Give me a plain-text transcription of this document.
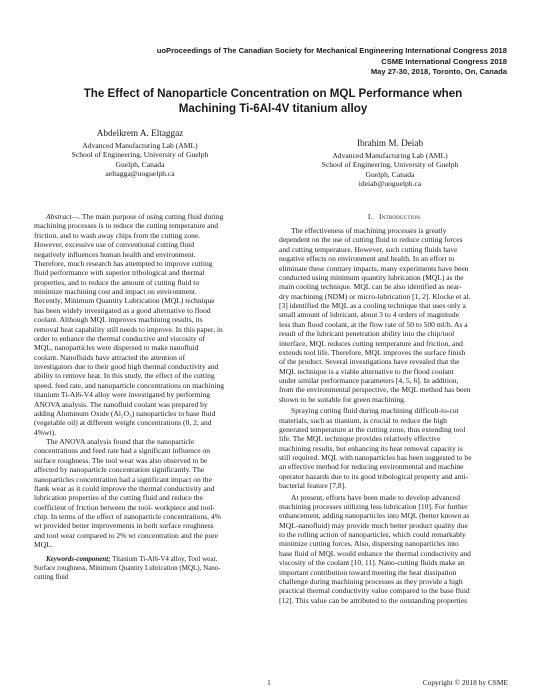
uoProceedings of The Canadian Society for Mechanical Engineering International Congress 2018
CSME International Congress 2018
May 27-30, 2018, Toronto, On, Canada
The Effect of Nanoparticle Concentration on MQL Performance when
Machining Ti-6Al-4V titanium alloy
Abdelkrem A. Eltaggaz
Advanced Manufacturing Lab (AML)
School of Engineering, University of Guelph
Guelph, Canada
aeltagga@uoguelph.ca
Ibrahim M. Deiab
Advanced Manufacturing Lab (AML)
School of Engineering, University of Guelph
Guelph, Canada
ideiab@uoguelph.ca
Abstract—. The main purpose of using cutting fluid during
machining processes is to reduce the cutting temperature and
friction, and to wash away chips from the cutting zone.
However, excessive use of conventional cutting fluid
negatively influences human health and environment.
Therefore, much research has attempted to improve cutting
fluid performance with superior tribological and thermal
properties, and to reduce the amount of cutting fluid to
minimize machining cost and impact on environment.
Recently, Minimum Quantity Lubrication (MQL) technique
has been widely investigated as a good alternative to flood
coolant. Although MQL improves machining results, its
removal heat capability still needs to improve. In this paper, in
order to enhance the thermal conductive and viscosity of
MQL, nanoparticles were dispersed to make nanofluid
coolant. Nanofluids have attracted the attention of
investigators due to their good high thermal conductivity and
ability to remove heat. In this study, the effect of the cutting
speed, feed rate, and nanoparticle concentrations on machining
titanium Ti-Al6-V4 alloy were investigated by performing
ANOVA analysis. The nanofluid coolant was prepared by
adding Aluminum Oxide (Al₂O₃) nanoparticles to base fluid
(vegetable oil) at different weight concentrations (0, 2, and
4%wt).
The ANOVA analysis found that the nanoparticle
concentrations and feed rate had a significant influence on
surface roughness. The tool wear was also observed to be
affected by nanoparticle concentration significantly. The
nanoparticles concentration had a significant impact on the
flank wear as it could improve the thermal conductivity and
lubrication properties of the cutting fluid and reduce the
coefficient of friction between the tool- workpiece and tool-
chip. In terms of the effect of nanoparticle concentrations, 4%
wt provided better improvements in both surface roughness
and tool wear compared to 2% wt concentration and the pure
MQL.
Keywords-component; Titanium Ti-Al6-V4 alloy, Tool wear,
Surface roughness, Minimum Quantity Lubrication (MQL), Nano-
cutting fluid
I. Introduction
The effectiveness of machining processes is greatly
dependent on the use of cutting fluid to reduce cutting forces
and cutting temperature. However, such cutting fluids have
negative effects on environment and health. In an effort to
eliminate these contrary impacts, many experiments have been
conducted using minimum quantity lubrication (MQL) as the
main cooling technique. MQL can be also identified as near-
dry machining (NDM) or micro-lubrication [1, 2]. Klocke et al.
[3] identified the MQL as a cooling technique that uses only a
small amount of lubricant, about 3 to 4 orders of magnitude
less than flood coolant, at the flow rate of 50 to 500 ml/h. As a
result of the lubricant penetration ability into the chip/tool
interface, MQL reduces cutting temperature and friction, and
extends tool life. Therefore, MQL improves the surface finish
of the product. Several investigations have revealed that the
MQL technique is a viable alternative to the flood coolant
under similar performance parameters [4, 5, 6]. In addition,
from the environmental perspective, the MQL method has been
shown to be suitable for green machining.
Spraying cutting fluid during machining difficult-to-cut
materials, such as titanium, is crucial to reduce the high
generated temperature at the cutting zone, thus extending tool
life. The MQL technique provides relatively effective
machining results, but enhancing its heat removal capacity is
still required. MQL with nanoparticles has been suggested to be
an effective method for reducing environmental and machine
operator hazards due to its good tribological property and anti-
bacterial feature [7,8].
At present, efforts have been made to develop advanced
machining processes utilizing less lubrication [10]. For further
enhancement, adding nanoparticles into MQL (better known as
MQL-nanofluid) may provide much better product quality due
to the rolling action of nanoparticles, which could remarkably
minimize cutting forces. Also, dispersing nanoparticles into
base fluid of MQL would enhance the thermal conductivity and
viscosity of the coolant [10, 11]. Nano-cutting fluids make an
important contribution toward meeting the heat dissipation
challenge during machining processes as they provide a high
practical thermal conductivity value compared to the base fluid
[12]. This value can be attributed to the outstanding properties
1	Copyright © 2018 by CSME
